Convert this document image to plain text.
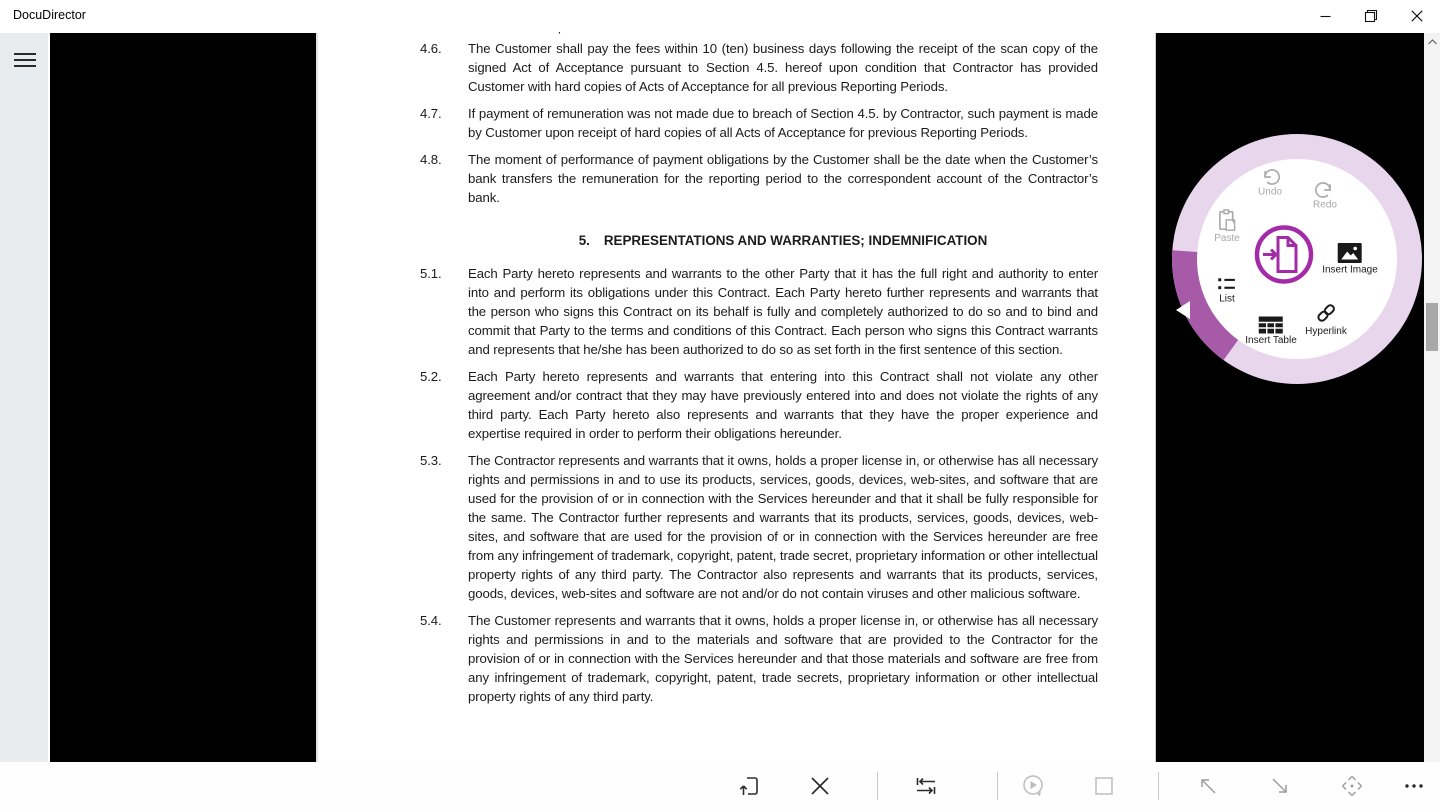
DocuDirector
4.6.	The Customer shall pay the fees within 10 (ten) business days following the receipt of the scan copy of the signed Act of Acceptance pursuant to Section 4.5. hereof upon condition that Contractor has provided Customer with hard copies of Acts of Acceptance for all previous Reporting Periods.
4.7.	If payment of remuneration was not made due to breach of Section 4.5. by Contractor, such payment is made by Customer upon receipt of hard copies of all Acts of Acceptance for previous Reporting Periods.
4.8.	The moment of performance of payment obligations by the Customer shall be the date when the Customer’s bank transfers the remuneration for the reporting period to the correspondent account of the Contractor’s bank.
5. REPRESENTATIONS AND WARRANTIES; INDEMNIFICATION
5.1.	Each Party hereto represents and warrants to the other Party that it has the full right and authority to enter into and perform its obligations under this Contract. Each Party hereto further represents and warrants that the person who signs this Contract on its behalf is fully and completely authorized to do so and to bind and commit that Party to the terms and conditions of this Contract. Each person who signs this Contract warrants and represents that he/she has been authorized to do so as set forth in the first sentence of this section.
5.2.	Each Party hereto represents and warrants that entering into this Contract shall not violate any other agreement and/or contract that they may have previously entered into and does not violate the rights of any third party. Each Party hereto also represents and warrants that they have the proper experience and expertise required in order to perform their obligations hereunder.
5.3.	The Contractor represents and warrants that it owns, holds a proper license in, or otherwise has all necessary rights and permissions in and to use its products, services, goods, devices, web-sites, and software that are used for the provision of or in connection with the Services hereunder and that it shall be fully responsible for the same. The Contractor further represents and warrants that its products, services, goods, devices, web-sites, and software that are used for the provision of or in connection with the Services hereunder are free from any infringement of trademark, copyright, patent, trade secret, proprietary information or other intellectual property rights of any third party. The Contractor also represents and warrants that its products, services, goods, devices, web-sites and software are not and/or do not contain viruses and other malicious software.
5.4.	The Customer represents and warrants that it owns, holds a proper license in, or otherwise has all necessary rights and permissions in and to the materials and software that are provided to the Contractor for the provision of or in connection with the Services hereunder and that those materials and software are free from any infringement of trademark, copyright, patent, trade secrets, proprietary information or other intellectual property rights of any third party.
Undo
Redo
Paste
Insert Image
List
Hyperlink
Insert Table
